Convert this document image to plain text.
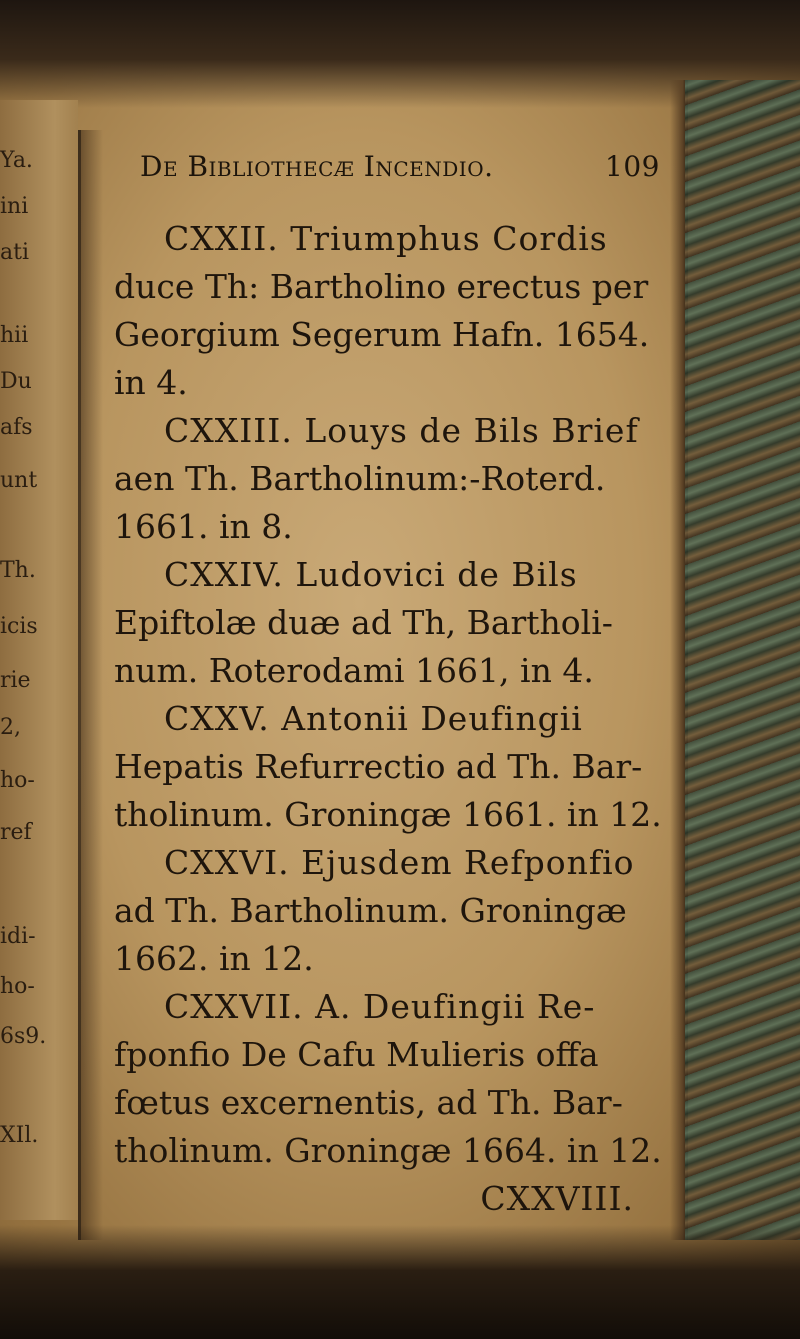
Ya.
ini
ati
hii
Du
afs
unt
Th.
icis
rie
2,
ho-
ref
idi-
ho-
6s9.
XIl.
De Bibliothecæ Incendio.	109
CXXII. Triumphus Cordis
duce Th: Bartholino erectus per
Georgium Segerum Hafn. 1654.
in 4.
CXXIII. Louys de Bils Brief
aen Th. Bartholinum:-Roterd.
1661. in 8.
CXXIV. Ludovici de Bils
Epiftolæ duæ ad Th, Bartholi-
num. Roterodami 1661, in 4.
CXXV. Antonii Deufingii
Hepatis Refurrectio ad Th. Bar-
tholinum. Groningæ 1661. in 12.
CXXVI. Ejusdem Refponfio
ad Th. Bartholinum. Groningæ
1662. in 12.
CXXVII. A. Deufingii Re-
fponfio De Cafu Mulieris offa
fœtus excernentis, ad Th. Bar-
tholinum. Groningæ 1664. in 12.
CXXVIII.
